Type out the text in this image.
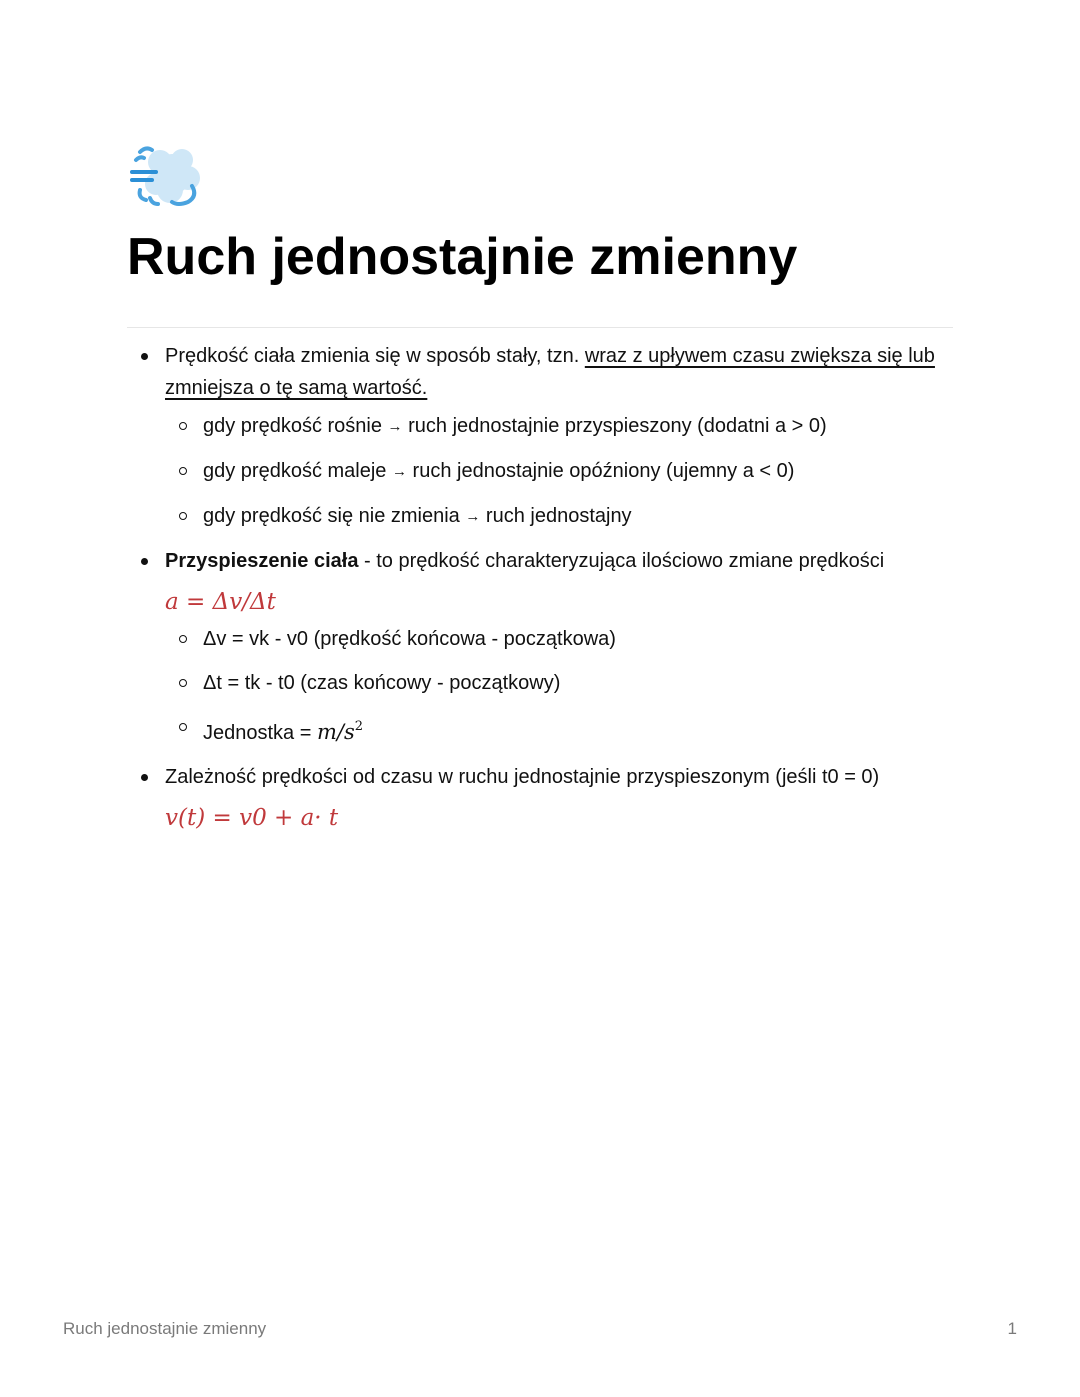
Ruch jednostajnie zmienny
Prędkość ciała zmienia się w sposób stały, tzn. wraz z upływem czasu zwiększa się lub zmniejsza o tę samą wartość.
gdy prędkość rośnie → ruch jednostajnie przyspieszony (dodatni a > 0)
gdy prędkość maleje → ruch jednostajnie opóźniony (ujemny a < 0)
gdy prędkość się nie zmienia → ruch jednostajny
Przyspieszenie ciała - to prędkość charakteryzująca ilościowo zmiane prędkości
a = Δv/Δt
Δv = vk - v0 (prędkość końcowa - początkowa)
Δt = tk - t0 (czas końcowy - początkowy)
Jednostka = $m/s^2$
Zależność prędkości od czasu w ruchu jednostajnie przyspieszonym (jeśli t0 = 0)
v(t) = v0 + a· t
Ruch jednostajnie zmienny	1
